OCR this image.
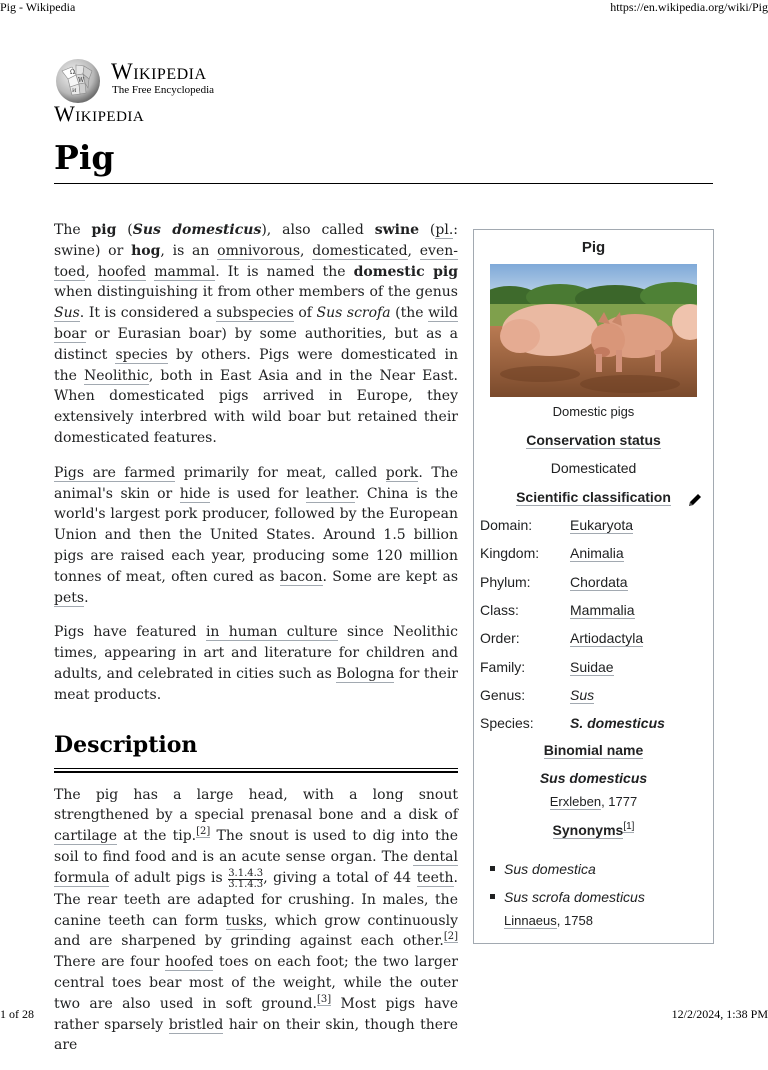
Pig - Wikipedia	https://en.wikipedia.org/wiki/Pig
1 of 28	12/2/2024, 1:38 PM
Ω
W
И
Wikipedia
The Free Encyclopedia
Wikipedia
Pig

The pig (Sus domesticus), also called swine (pl.: swine) or hog, is an omnivorous, domesticated, even-toed, hoofed mammal. It is named the domestic pig when distinguishing it from other members of the genus Sus. It is considered a subspecies of Sus scrofa (the wild boar or Eurasian boar) by some authorities, but as a distinct species by others. Pigs were domesticated in the Neolithic, both in East Asia and in the Near East. When domesticated pigs arrived in Europe, they extensively interbred with wild boar but retained their domesticated features.

Pigs are farmed primarily for meat, called pork. The animal's skin or hide is used for leather. China is the world's largest pork producer, followed by the European Union and then the United States. Around 1.5 billion pigs are raised each year, producing some 120 million tonnes of meat, often cured as bacon. Some are kept as pets.

Pigs have featured in human culture since Neolithic times, appearing in art and literature for children and adults, and celebrated in cities such as Bologna for their meat products.

Description

The pig has a large head, with a long snout strengthened by a special prenasal bone and a disk of cartilage at the tip.[2] The snout is used to dig into the soil to find food and is an acute sense organ. The dental formula of adult pigs is $\frac{3.1.4.3}{3.1.4.3}$ , giving a total of 44 teeth. The rear teeth are adapted for crushing. In males, the canine teeth can form tusks, which grow continuously and are sharpened by grinding against each other.[2] There are four hoofed toes on each foot; the two larger central toes bear most of the weight, while the outer two are also used in soft ground.[3] Most pigs have rather sparsely bristled hair on their skin, though there are

Pig
Domestic pigs
Conservation status
Domesticated
Scientific classification
Domain:	Eukaryota
Kingdom: Animalia
Phylum:	Chordata
Class:	Mammalia
Order:	Artiodactyla
Family:	Suidae
Genus:	Sus
Species:	S. domesticus
Binomial name
Sus domesticus
Erxleben, 1777
Synonyms[1]
Sus domestica
Sus scrofa domesticus
Linnaeus, 1758
